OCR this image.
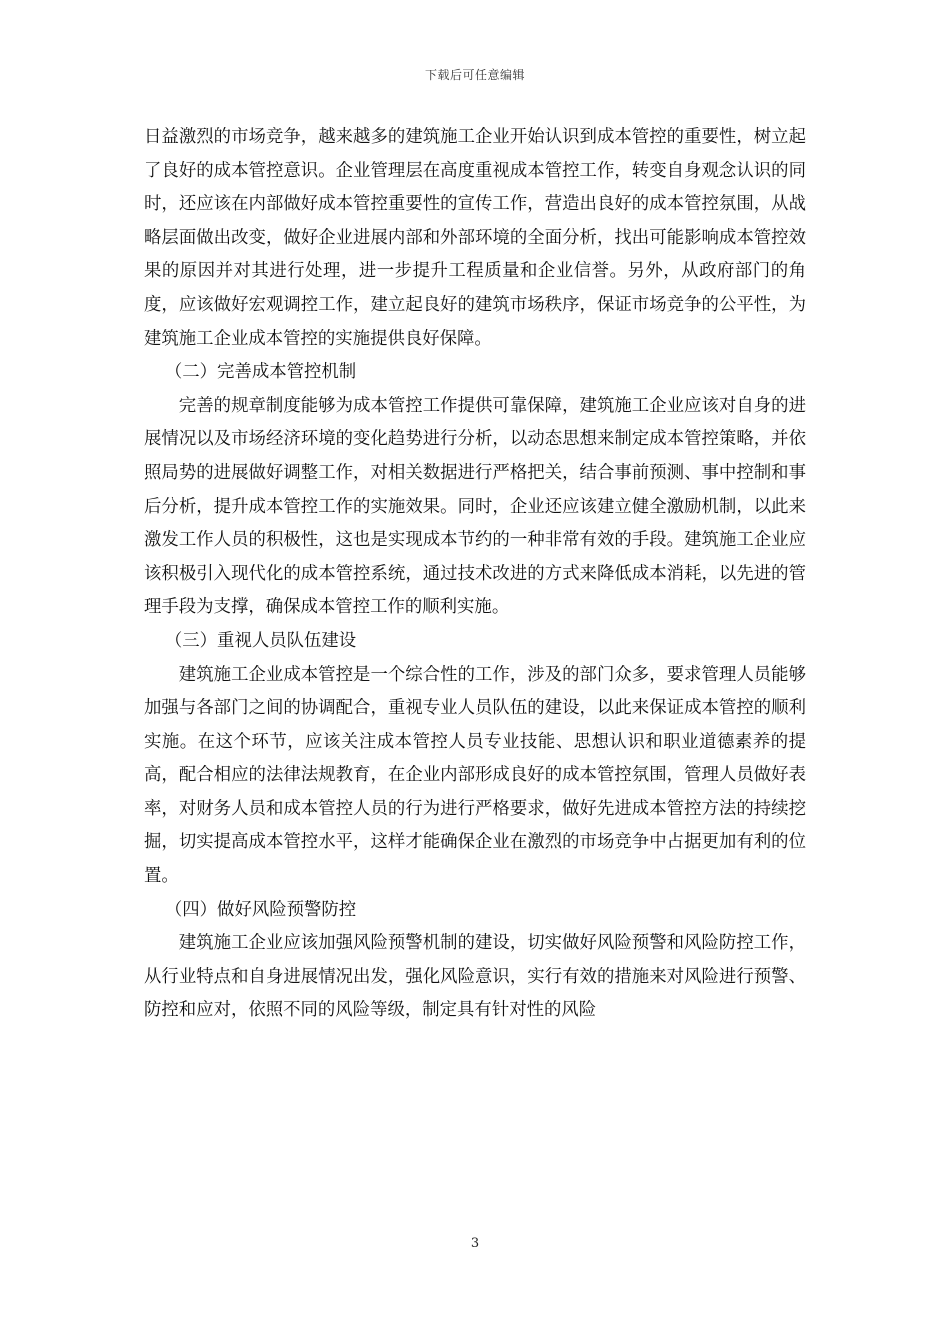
下载后可任意编辑

日益激烈的市场竞争，越来越多的建筑施工企业开始认识到成本管控的重要性，树立起了良好的成本管控意识。企业管理层在高度重视成本管控工作，转变自身观念认识的同时，还应该在内部做好成本管控重要性的宣传工作，营造出良好的成本管控氛围，从战略层面做出改变，做好企业进展内部和外部环境的全面分析，找出可能影响成本管控效果的原因并对其进行处理，进一步提升工程质量和企业信誉。另外，从政府部门的角度，应该做好宏观调控工作，建立起良好的建筑市场秩序，保证市场竞争的公平性，为建筑施工企业成本管控的实施提供良好保障。

（二）完善成本管控机制

完善的规章制度能够为成本管控工作提供可靠保障，建筑施工企业应该对自身的进展情况以及市场经济环境的变化趋势进行分析，以动态思想来制定成本管控策略，并依照局势的进展做好调整工作，对相关数据进行严格把关，结合事前预测、事中控制和事后分析，提升成本管控工作的实施效果。同时，企业还应该建立健全激励机制，以此来激发工作人员的积极性，这也是实现成本节约的一种非常有效的手段。建筑施工企业应该积极引入现代化的成本管控系统，通过技术改进的方式来降低成本消耗，以先进的管理手段为支撑，确保成本管控工作的顺利实施。

（三）重视人员队伍建设

建筑施工企业成本管控是一个综合性的工作，涉及的部门众多，要求管理人员能够加强与各部门之间的协调配合，重视专业人员队伍的建设，以此来保证成本管控的顺利实施。在这个环节，应该关注成本管控人员专业技能、思想认识和职业道德素养的提高，配合相应的法律法规教育，在企业内部形成良好的成本管控氛围，管理人员做好表率，对财务人员和成本管控人员的行为进行严格要求，做好先进成本管控方法的持续挖掘，切实提高成本管控水平，这样才能确保企业在激烈的市场竞争中占据更加有利的位置。

（四）做好风险预警防控

建筑施工企业应该加强风险预警机制的建设，切实做好风险预警和风险防控工作，从行业特点和自身进展情况出发，强化风险意识，实行有效的措施来对风险进行预警、防控和应对，依照不同的风险等级，制定具有针对性的风险

3
